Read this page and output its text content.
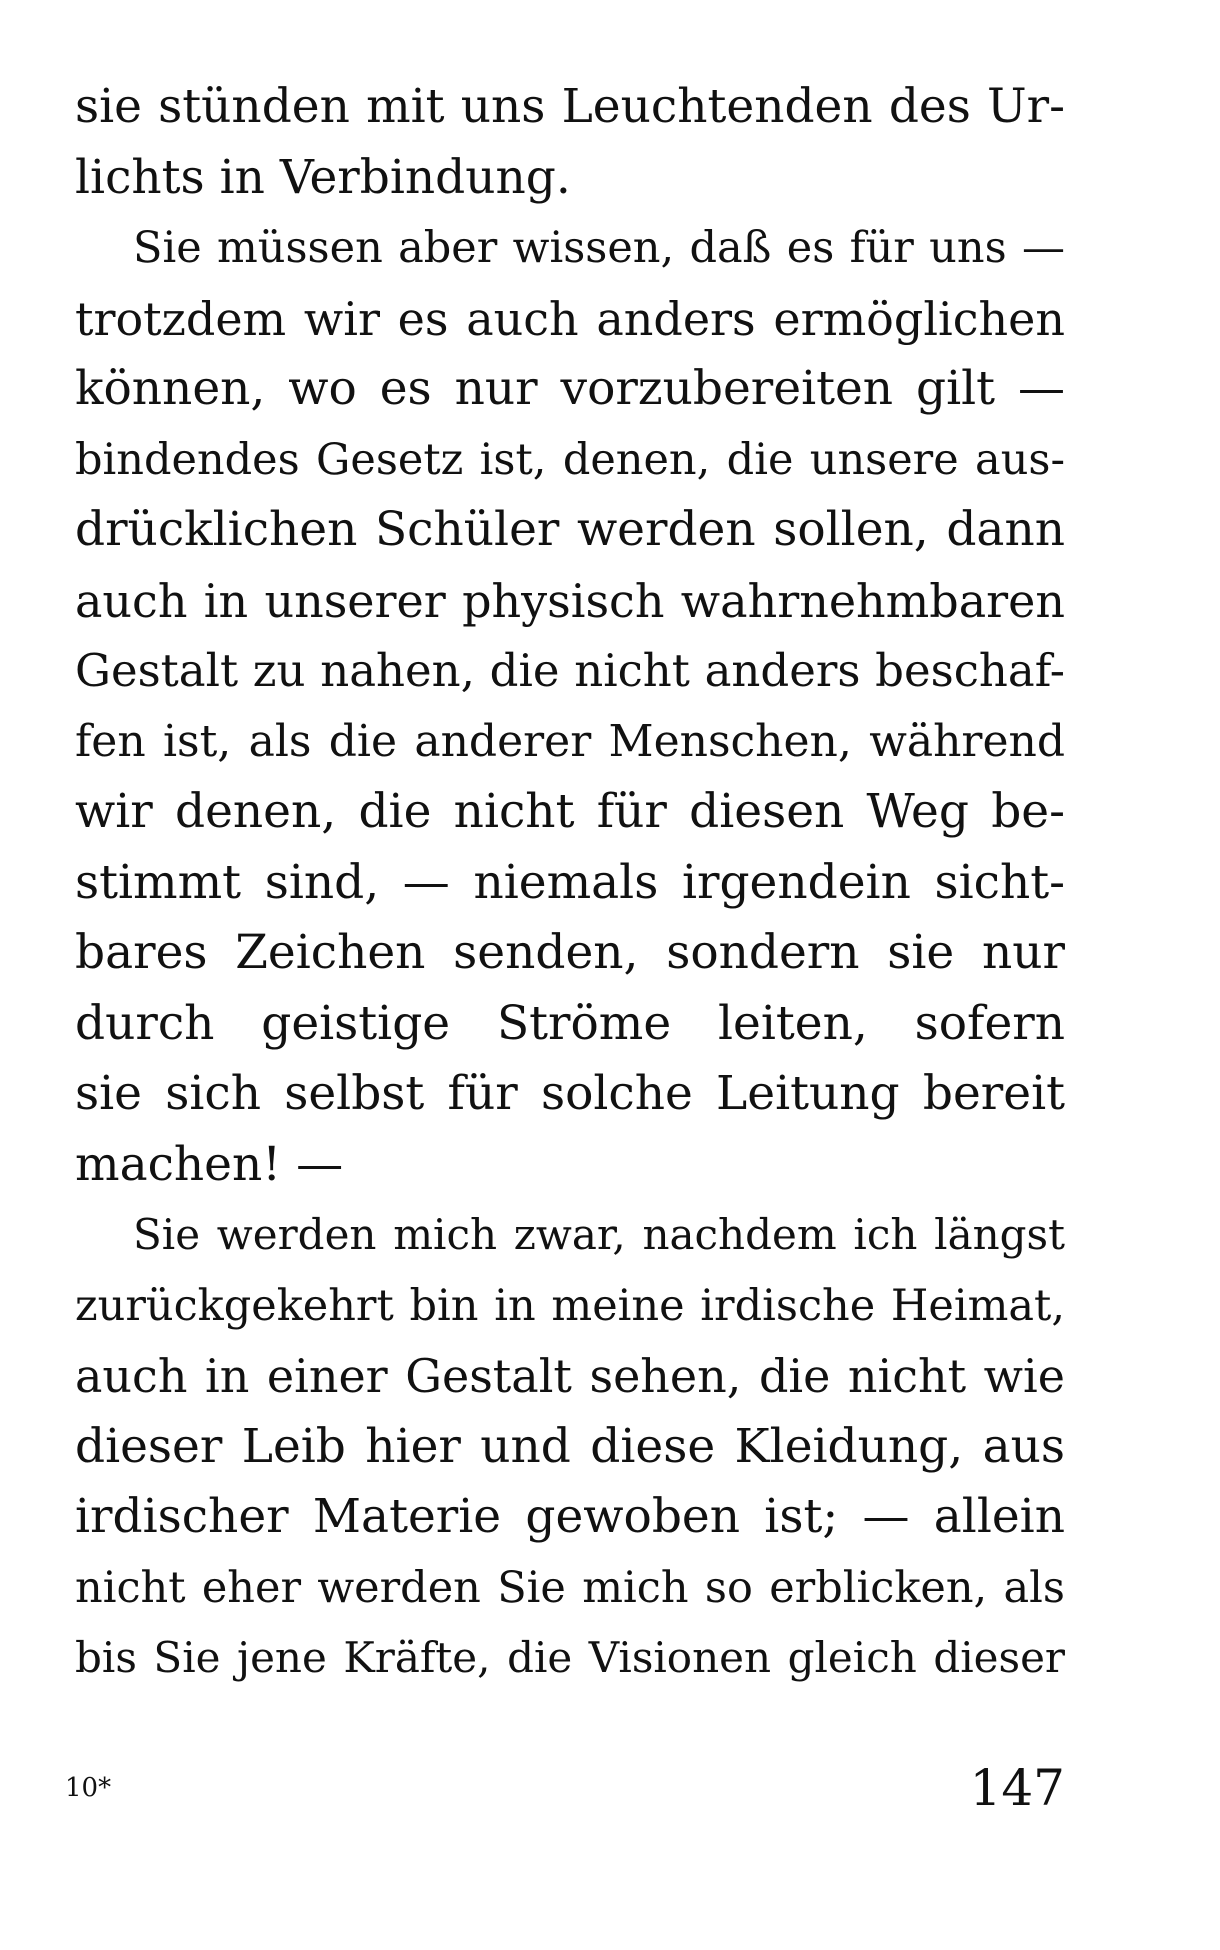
sie stünden mit uns Leuchtenden des Ur-
lichts in Verbindung.
Sie müssen aber wissen, daß es für uns —
trotzdem wir es auch anders ermöglichen
können, wo es nur vorzubereiten gilt —
bindendes Gesetz ist, denen, die unsere aus-
drücklichen Schüler werden sollen, dann
auch in unserer physisch wahrnehmbaren
Gestalt zu nahen, die nicht anders beschaf-
fen ist, als die anderer Menschen, während
wir denen, die nicht für diesen Weg be-
stimmt sind, — niemals irgendein sicht-
bares Zeichen senden, sondern sie nur
durch geistige Ströme leiten, sofern
sie sich selbst für solche Leitung bereit
machen! —
Sie werden mich zwar, nachdem ich längst
zurückgekehrt bin in meine irdische Heimat,
auch in einer Gestalt sehen, die nicht wie
dieser Leib hier und diese Kleidung, aus
irdischer Materie gewoben ist; — allein
nicht eher werden Sie mich so erblicken, als
bis Sie jene Kräfte, die Visionen gleich dieser
10*	147
